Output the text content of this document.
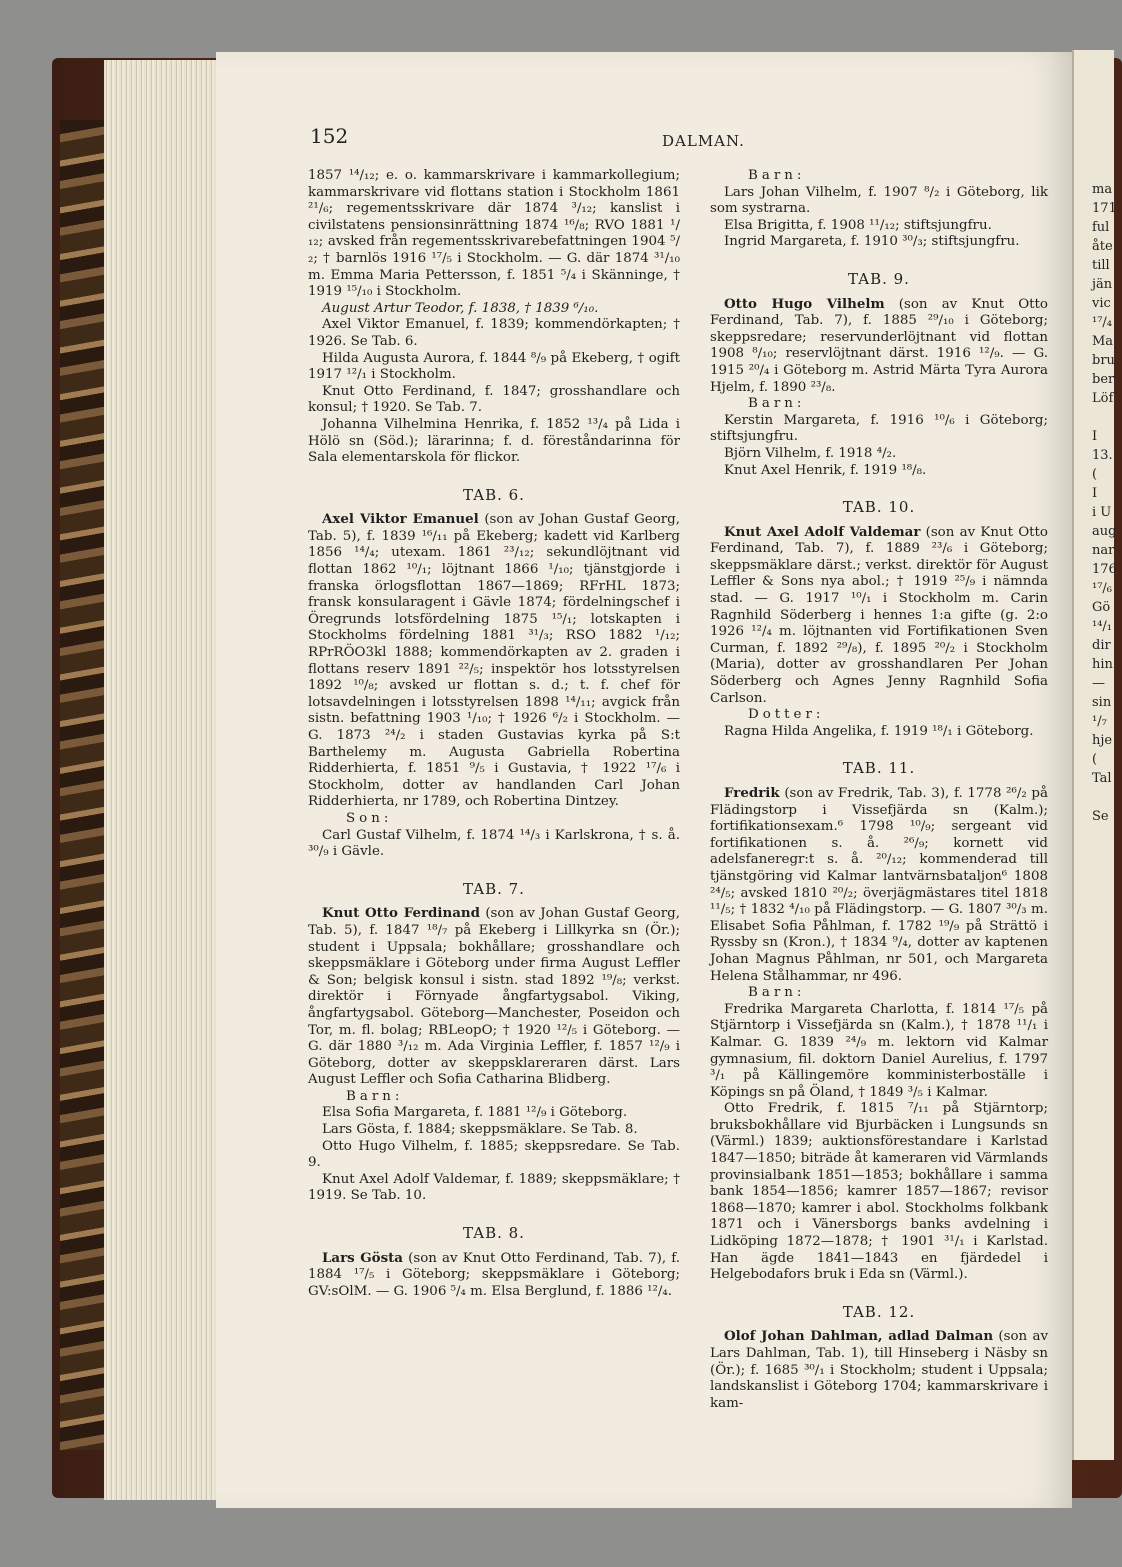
ma
171
ful
åte
till
jän
vic
¹⁷/₄
Ma
bru
ber
Löf

I
13.
(
I
i U
aug
nar
176
¹⁷/₆
Gö
¹⁴/₁
dir
hin
—
sin
¹/₇
hje
(
Tal

Se
152	DALMAN.

1857 ¹⁴/₁₂; e. o. kammarskrivare i kammarkollegium; kammarskrivare vid flottans station i Stockholm 1861 ²¹/₆; regementsskrivare där 1874 ³/₁₂; kanslist i civilstatens pensionsinrättning 1874 ¹⁶/₈; RVO 1881 ¹/₁₂; avsked från regementsskrivarebefattningen 1904 ⁵/₂; † barnlös 1916 ¹⁷/₅ i Stockholm. — G. där 1874 ³¹/₁₀ m. Emma Maria Pettersson, f. 1851 ⁵/₄ i Skänninge, † 1919 ¹⁵/₁₀ i Stockholm.

August Artur Teodor, f. 1838, † 1839 ⁶/₁₀.

Axel Viktor Emanuel, f. 1839; kommendörkapten; † 1926. Se Tab. 6.

Hilda Augusta Aurora, f. 1844 ⁸/₉ på Ekeberg, † ogift 1917 ¹²/₁ i Stockholm.

Knut Otto Ferdinand, f. 1847; grosshandlare och konsul; † 1920. Se Tab. 7.

Johanna Vilhelmina Henrika, f. 1852 ¹³/₄ på Lida i Hölö sn (Söd.); lärarinna; f. d. föreståndarinna för Sala elementarskola för flickor.

TAB. 6.

Axel Viktor Emanuel (son av Johan Gustaf Georg, Tab. 5), f. 1839 ¹⁶/₁₁ på Ekeberg; kadett vid Karlberg 1856 ¹⁴/₄; utexam. 1861 ²³/₁₂; sekundlöjtnant vid flottan 1862 ¹⁰/₁; löjtnant 1866 ¹/₁₀; tjänstgjorde i franska örlogsflottan 1867—1869; RFrHL 1873; fransk konsularagent i Gävle 1874; fördelningschef i Öregrunds lotsfördelning 1875 ¹⁵/₁; lotskapten i Stockholms fördelning 1881 ³¹/₃; RSO 1882 ¹/₁₂; RPrRÖO3kl 1888; kommendörkapten av 2. graden i flottans reserv 1891 ²²/₅; inspektör hos lotsstyrelsen 1892 ¹⁰/₈; avsked ur flottan s. d.; t. f. chef för lotsavdelningen i lotsstyrelsen 1898 ¹⁴/₁₁; avgick från sistn. befattning 1903 ¹/₁₀; † 1926 ⁶/₂ i Stockholm. — G. 1873 ²⁴/₂ i staden Gustavias kyrka på S:t Barthelemy m. Augusta Gabriella Robertina Ridderhierta, f. 1851 ⁹/₅ i Gustavia, † 1922 ¹⁷/₆ i Stockholm, dotter av handlanden Carl Johan Ridderhierta, nr 1789, och Robertina Dintzey.

Son:

Carl Gustaf Vilhelm, f. 1874 ¹⁴/₃ i Karlskrona, † s. å. ³⁰/₉ i Gävle.

TAB. 7.

Knut Otto Ferdinand (son av Johan Gustaf Georg, Tab. 5), f. 1847 ¹⁸/₇ på Ekeberg i Lillkyrka sn (Ör.); student i Uppsala; bokhållare; grosshandlare och skeppsmäklare i Göteborg under firma August Leffler & Son; belgisk konsul i sistn. stad 1892 ¹⁹/₈; verkst. direktör i Förnyade ångfartygsabol. Viking, ångfartygsabol. Göteborg—Manchester, Poseidon och Tor, m. fl. bolag; RBLeopO; † 1920 ¹²/₅ i Göteborg. — G. där 1880 ³/₁₂ m. Ada Virginia Leffler, f. 1857 ¹²/₉ i Göteborg, dotter av skeppsklareraren därst. Lars August Leffler och Sofia Catharina Blidberg.

Barn:

Elsa Sofia Margareta, f. 1881 ¹²/₉ i Göteborg.

Lars Gösta, f. 1884; skeppsmäklare. Se Tab. 8.

Otto Hugo Vilhelm, f. 1885; skeppsredare. Se Tab. 9.

Knut Axel Adolf Valdemar, f. 1889; skeppsmäklare; † 1919. Se Tab. 10.

TAB. 8.

Lars Gösta (son av Knut Otto Ferdinand, Tab. 7), f. 1884 ¹⁷/₅ i Göteborg; skeppsmäklare i Göteborg; GV:sOlM. — G. 1906 ⁵/₄ m. Elsa Berglund, f. 1886 ¹²/₄.

Barn:

Lars Johan Vilhelm, f. 1907 ⁸/₂ i Göteborg, lik som systrarna.

Elsa Brigitta, f. 1908 ¹¹/₁₂; stiftsjungfru.

Ingrid Margareta, f. 1910 ³⁰/₃; stiftsjungfru.

TAB. 9.

Otto Hugo Vilhelm (son av Knut Otto Ferdinand, Tab. 7), f. 1885 ²⁹/₁₀ i Göteborg; skeppsredare; reservunderlöjtnant vid flottan 1908 ⁸/₁₀; reservlöjtnant därst. 1916 ¹²/₉. — G. 1915 ²⁰/₄ i Göteborg m. Astrid Märta Tyra Aurora Hjelm, f. 1890 ²³/₈.

Barn:

Kerstin Margareta, f. 1916 ¹⁰/₆ i Göteborg; stiftsjungfru.

Björn Vilhelm, f. 1918 ⁴/₂.

Knut Axel Henrik, f. 1919 ¹⁸/₈.

TAB. 10.

Knut Axel Adolf Valdemar (son av Knut Otto Ferdinand, Tab. 7), f. 1889 ²³/₆ i Göteborg; skeppsmäklare därst.; verkst. direktör för August Leffler & Sons nya abol.; † 1919 ²⁵/₉ i nämnda stad. — G. 1917 ¹⁰/₁ i Stockholm m. Carin Ragnhild Söderberg i hennes 1:a gifte (g. 2:o 1926 ¹²/₄ m. löjtnanten vid Fortifikationen Sven Curman, f. 1892 ²⁹/₈), f. 1895 ²⁰/₂ i Stockholm (Maria), dotter av grosshandlaren Per Johan Söderberg och Agnes Jenny Ragnhild Sofia Carlson.

Dotter:

Ragna Hilda Angelika, f. 1919 ¹⁸/₁ i Göteborg.

TAB. 11.

Fredrik (son av Fredrik, Tab. 3), f. 1778 ²⁶/₂ på Flädingstorp i Vissefjärda sn (Kalm.); fortifikationsexam.⁶ 1798 ¹⁰/₉; sergeant vid fortifikationen s. å. ²⁶/₉; kornett vid adelsfaneregr:t s. å. ²⁰/₁₂; kommenderad till tjänstgöring vid Kalmar lantvärnsbataljon⁶ 1808 ²⁴/₅; avsked 1810 ²⁰/₂; överjägmästares titel 1818 ¹¹/₅; † 1832 ⁴/₁₀ på Flädingstorp. — G. 1807 ³⁰/₃ m. Elisabet Sofia Påhlman, f. 1782 ¹⁹/₉ på Strättö i Ryssby sn (Kron.), † 1834 ⁹/₄, dotter av kaptenen Johan Magnus Påhlman, nr 501, och Margareta Helena Stålhammar, nr 496.

Barn:

Fredrika Margareta Charlotta, f. 1814 ¹⁷/₅ på Stjärntorp i Vissefjärda sn (Kalm.), † 1878 ¹¹/₁ i Kalmar. G. 1839 ²⁴/₉ m. lektorn vid Kalmar gymnasium, fil. doktorn Daniel Aurelius, f. 1797 ³/₁ på Källingemöre komministerboställe i Köpings sn på Öland, † 1849 ³/₅ i Kalmar.

Otto Fredrik, f. 1815 ⁷/₁₁ på Stjärntorp; bruksbokhållare vid Bjurbäcken i Lungsunds sn (Värml.) 1839; auktionsförestandare i Karlstad 1847—1850; biträde åt kameraren vid Värmlands provinsialbank 1851—1853; bokhållare i samma bank 1854—1856; kamrer 1857—1867; revisor 1868—1870; kamrer i abol. Stockholms folkbank 1871 och i Vänersborgs banks avdelning i Lidköping 1872—1878; † 1901 ³¹/₁ i Karlstad. Han ägde 1841—1843 en fjärdedel i Helgebodafors bruk i Eda sn (Värml.).

TAB. 12.

Olof Johan Dahlman, adlad Dalman (son av Lars Dahlman, Tab. 1), till Hinseberg i Näsby sn (Ör.); f. 1685 ³⁰/₁ i Stockholm; student i Uppsala; landskanslist i Göteborg 1704; kammarskrivare i kam-
